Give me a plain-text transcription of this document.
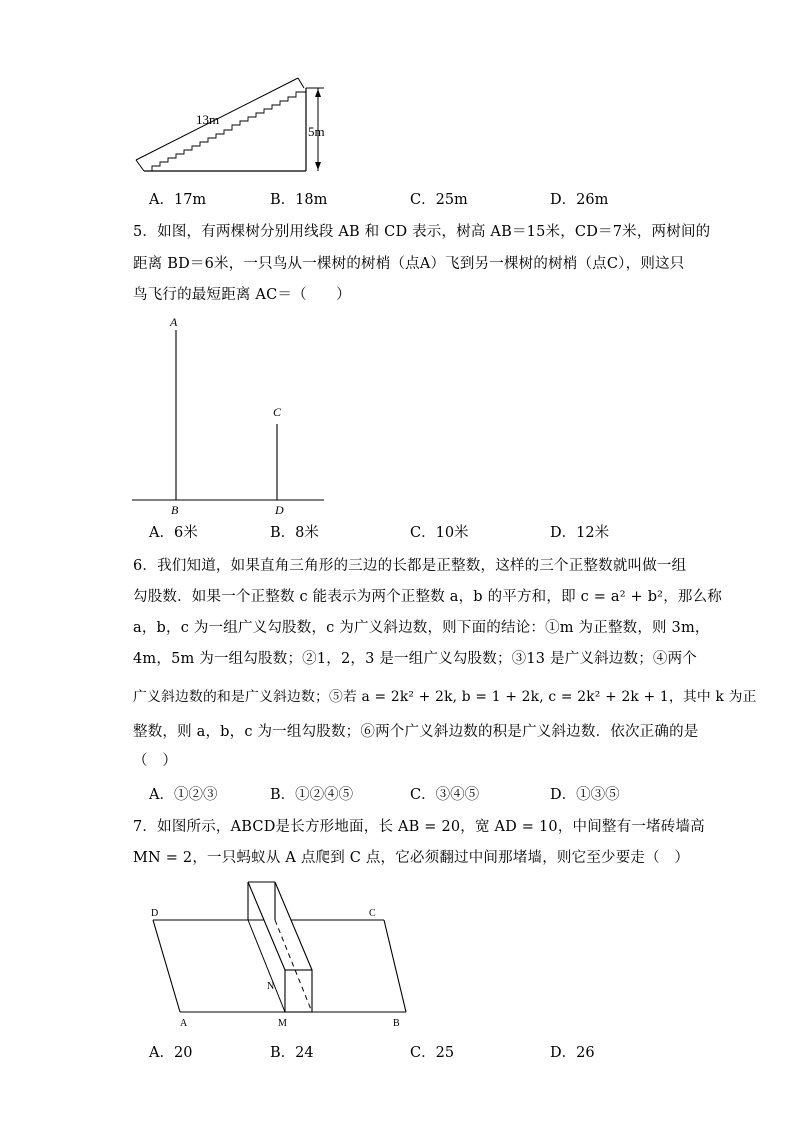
13m
5m
A．17m	B．18m	C．25m	D．26m
5．如图，有两棵树分别用线段 AB 和 CD 表示，树高 AB＝15米，CD＝7米，两树间的
距离 BD＝6米，一只鸟从一棵树的树梢（点A）飞到另一棵树的树梢（点C），则这只
鸟飞行的最短距离 AC＝（　　）
A
B
C
D
A．6米	B．8米	C．10米	D．12米
6．我们知道，如果直角三角形的三边的长都是正整数，这样的三个正整数就叫做一组
勾股数．如果一个正整数 c 能表示为两个正整数 a，b 的平方和，即 c = a² + b²，那么称
a，b，c 为一组广义勾股数，c 为广义斜边数，则下面的结论：①m 为正整数，则 3m，
4m，5m 为一组勾股数；②1，2，3 是一组广义勾股数；③13 是广义斜边数；④两个
广义斜边数的和是广义斜边数；⑤若 a = 2k² + 2k, b = 1 + 2k, c = 2k² + 2k + 1，其中 k 为正
整数，则 a，b，c 为一组勾股数；⑥两个广义斜边数的积是广义斜边数．依次正确的是
（　）
A．①②③	B．①②④⑤	C．③④⑤	D．①③⑤
7．如图所示，ABCD是长方形地面，长 AB = 20，宽 AD = 10，中间整有一堵砖墙高
MN = 2，一只蚂蚁从 A 点爬到 C 点，它必须翻过中间那堵墙，则它至少要走（　）
D	C
A	M	B
N
A．20	B．24	C．25	D．26
